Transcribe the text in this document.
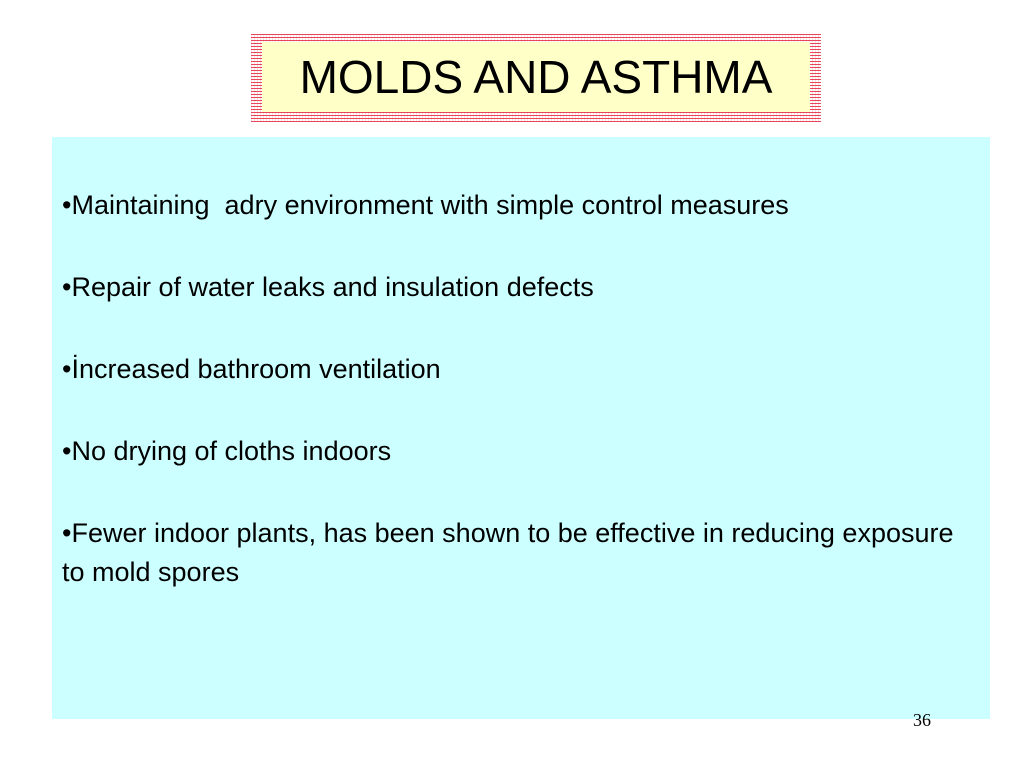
MOLDS AND ASTHMA
•Maintaining  adry environment with simple control measures
•Repair of water leaks and insulation defects
•İncreased bathroom ventilation
•No drying of cloths indoors
•Fewer indoor plants, has been shown to be effective in reducing exposure to mold spores
36
